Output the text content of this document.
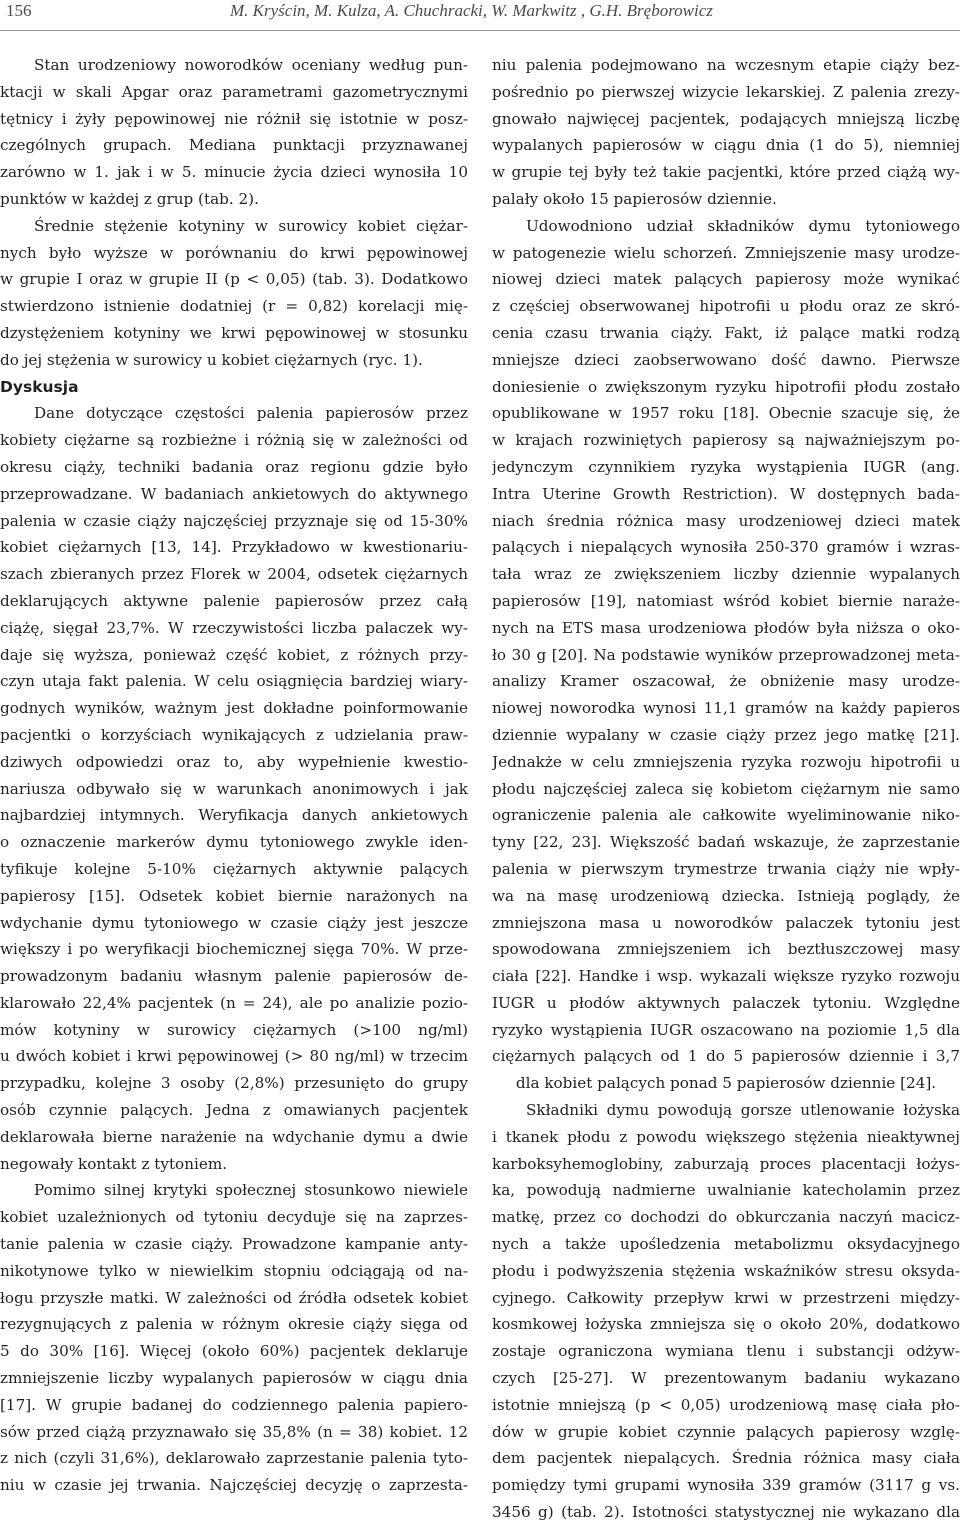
156	M. Kryścin, M. Kulza, A. Chuchracki, W. Markwitz , G.H. Bręborowicz
Stan urodzeniowy noworodków oceniany według pun-
ktacji w skali Apgar oraz parametrami gazometrycznymi
tętnicy i żyły pępowinowej nie różnił się istotnie w posz-
czególnych grupach. Mediana punktacji przyznawanej
zarówno w 1. jak i w 5. minucie życia dzieci wynosiła 10
punktów w każdej z grup (tab. 2).
Średnie stężenie kotyniny w surowicy kobiet ciężar-
nych było wyższe w porównaniu do krwi pępowinowej
w grupie I oraz w grupie II (p < 0,05) (tab. 3). Dodatkowo
stwierdzono istnienie dodatniej (r = 0,82) korelacji mię-
dzystężeniem kotyniny we krwi pępowinowej w stosunku
do jej stężenia w surowicy u kobiet ciężarnych (ryc. 1).
Dyskusja
Dane dotyczące częstości palenia papierosów przez
kobiety ciężarne są rozbieżne i różnią się w zależności od
okresu ciąży, techniki badania oraz regionu gdzie było
przeprowadzane. W badaniach ankietowych do aktywnego
palenia w czasie ciąży najczęściej przyznaje się od 15-30%
kobiet ciężarnych [13, 14]. Przykładowo w kwestionariu-
szach zbieranych przez Florek w 2004, odsetek ciężarnych
deklarujących aktywne palenie papierosów przez całą
ciążę, sięgał 23,7%. W rzeczywistości liczba palaczek wy-
daje się wyższa, ponieważ część kobiet, z różnych przy-
czyn utaja fakt palenia. W celu osiągnięcia bardziej wiary-
godnych wyników, ważnym jest dokładne poinformowanie
pacjentki o korzyściach wynikających z udzielania praw-
dziwych odpowiedzi oraz to, aby wypełnienie kwestio-
nariusza odbywało się w warunkach anonimowych i jak
najbardziej intymnych. Weryfikacja danych ankietowych
o oznaczenie markerów dymu tytoniowego zwykle iden-
tyfikuje kolejne 5-10% ciężarnych aktywnie palących
papierosy [15]. Odsetek kobiet biernie narażonych na
wdychanie dymu tytoniowego w czasie ciąży jest jeszcze
większy i po weryfikacji biochemicznej sięga 70%. W prze-
prowadzonym badaniu własnym palenie papierosów de-
klarowało 22,4% pacjentek (n = 24), ale po analizie pozio-
mów kotyniny w surowicy ciężarnych (>100 ng/ml)
u dwóch kobiet i krwi pępowinowej (> 80 ng/ml) w trzecim
przypadku, kolejne 3 osoby (2,8%) przesunięto do grupy
osób czynnie palących. Jedna z omawianych pacjentek
deklarowała bierne narażenie na wdychanie dymu a dwie
negowały kontakt z tytoniem.
Pomimo silnej krytyki społecznej stosunkowo niewiele
kobiet uzależnionych od tytoniu decyduje się na zaprzes-
tanie palenia w czasie ciąży. Prowadzone kampanie anty-
nikotynowe tylko w niewielkim stopniu odciągają od na-
łogu przyszłe matki. W zależności od źródła odsetek kobiet
rezygnujących z palenia w różnym okresie ciąży sięga od
5 do 30% [16]. Więcej (około 60%) pacjentek deklaruje
zmniejszenie liczby wypalanych papierosów w ciągu dnia
[17]. W grupie badanej do codziennego palenia papiero-
sów przed ciążą przyznawało się 35,8% (n = 38) kobiet. 12
z nich (czyli 31,6%), deklarowało zaprzestanie palenia tyto-
niu w czasie jej trwania. Najczęściej decyzję o zaprzesta-
niu palenia podejmowano na wczesnym etapie ciąży bez-
pośrednio po pierwszej wizycie lekarskiej. Z palenia zrezy-
gnowało najwięcej pacjentek, podających mniejszą liczbę
wypalanych papierosów w ciągu dnia (1 do 5), niemniej
w grupie tej były też takie pacjentki, które przed ciążą wy-
palały około 15 papierosów dziennie.
Udowodniono udział składników dymu tytoniowego
w patogenezie wielu schorzeń. Zmniejszenie masy urodze-
niowej dzieci matek palących papierosy może wynikać
z częściej obserwowanej hipotrofii u płodu oraz ze skró-
cenia czasu trwania ciąży. Fakt, iż palące matki rodzą
mniejsze dzieci zaobserwowano dość dawno. Pierwsze
doniesienie o zwiększonym ryzyku hipotrofii płodu zostało
opublikowane w 1957 roku [18]. Obecnie szacuje się, że
w krajach rozwiniętych papierosy są najważniejszym po-
jedynczym czynnikiem ryzyka wystąpienia IUGR (ang.
Intra Uterine Growth Restriction). W dostępnych bada-
niach średnia różnica masy urodzeniowej dzieci matek
palących i niepalących wynosiła 250-370 gramów i wzras-
tała wraz ze zwiększeniem liczby dziennie wypalanych
papierosów [19], natomiast wśród kobiet biernie naraże-
nych na ETS masa urodzeniowa płodów była niższa o oko-
ło 30 g [20]. Na podstawie wyników przeprowadzonej meta-
analizy Kramer oszacował, że obniżenie masy urodze-
niowej noworodka wynosi 11,1 gramów na każdy papieros
dziennie wypalany w czasie ciąży przez jego matkę [21].
Jednakże w celu zmniejszenia ryzyka rozwoju hipotrofii u
płodu najczęściej zaleca się kobietom ciężarnym nie samo
ograniczenie palenia ale całkowite wyeliminowanie niko-
tyny [22, 23]. Większość badań wskazuje, że zaprzestanie
palenia w pierwszym trymestrze trwania ciąży nie wpły-
wa na masę urodzeniową dziecka. Istnieją poglądy, że
zmniejszona masa u noworodków palaczek tytoniu jest
spowodowana zmniejszeniem ich beztłuszczowej masy
ciała [22]. Handke i wsp. wykazali większe ryzyko rozwoju
IUGR u płodów aktywnych palaczek tytoniu. Względne
ryzyko wystąpienia IUGR oszacowano na poziomie 1,5 dla
ciężarnych palących od 1 do 5 papierosów dziennie i 3,7
dla kobiet palących ponad 5 papierosów dziennie [24].
Składniki dymu powodują gorsze utlenowanie łożyska
i tkanek płodu z powodu większego stężenia nieaktywnej
karboksyhemoglobiny, zaburzają proces placentacji łożys-
ka, powodują nadmierne uwalnianie katecholamin przez
matkę, przez co dochodzi do obkurczania naczyń macicz-
nych a także upośledzenia metabolizmu oksydacyjnego
płodu i podwyższenia stężenia wskaźników stresu oksyda-
cyjnego. Całkowity przepływ krwi w przestrzeni między-
kosmkowej łożyska zmniejsza się o około 20%, dodatkowo
zostaje ograniczona wymiana tlenu i substancji odżyw-
czych [25-27]. W prezentowanym badaniu wykazano
istotnie mniejszą (p < 0,05) urodzeniową masę ciała pło-
dów w grupie kobiet czynnie palących papierosy wzglę-
dem pacjentek niepalących. Średnia różnica masy ciała
pomiędzy tymi grupami wynosiła 339 gramów (3117 g vs.
3456 g) (tab. 2). Istotności statystycznej nie wykazano dla
